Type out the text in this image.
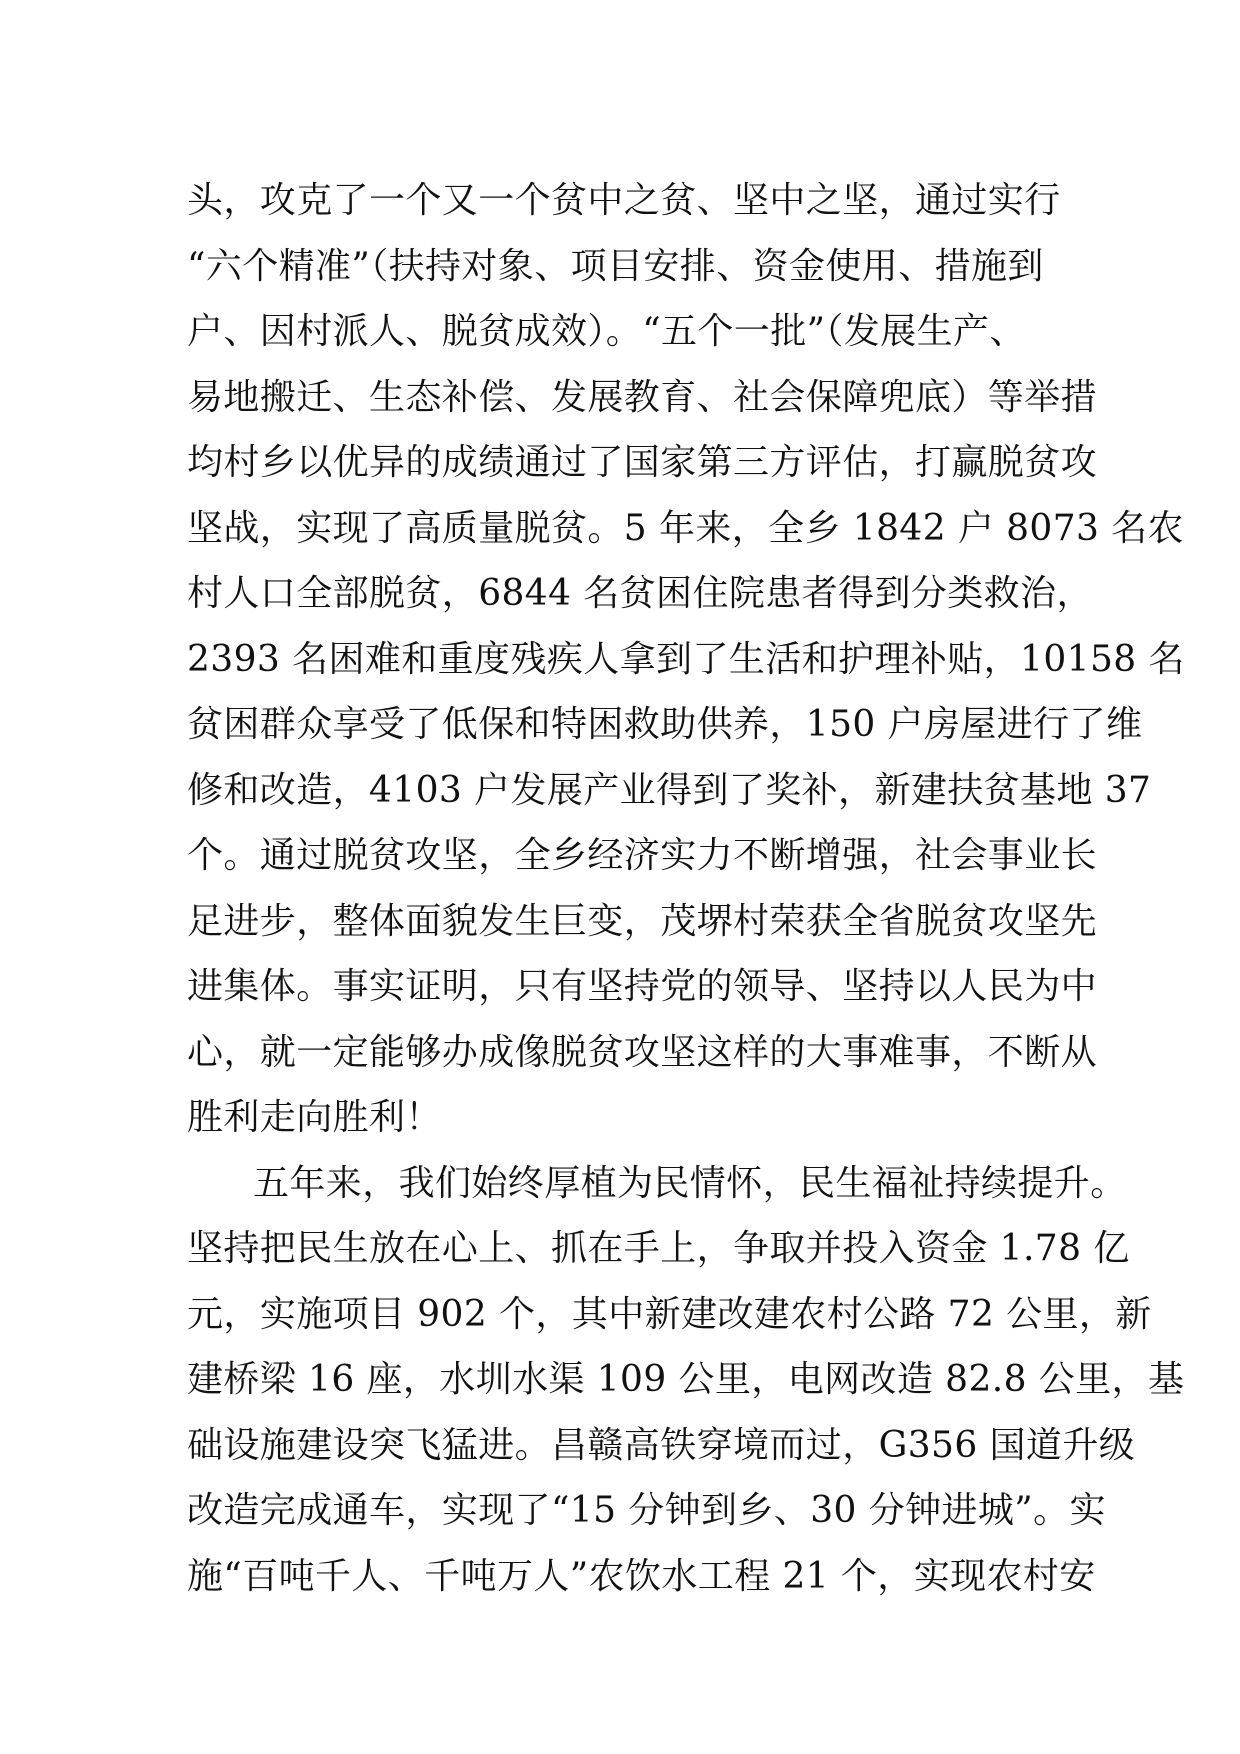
头，攻克了一个又一个贫中之贫、坚中之坚，通过实行
“六个精准”（扶持对象、项目安排、资金使用、措施到
户、因村派人、脱贫成效）。“五个一批”（发展生产、
易地搬迁、生态补偿、发展教育、社会保障兜底）等举措
均村乡以优异的成绩通过了国家第三方评估，打赢脱贫攻
坚战，实现了高质量脱贫。5 年来，全乡 1842 户 8073 名农
村人口全部脱贫，6844 名贫困住院患者得到分类救治，
2393 名困难和重度残疾人拿到了生活和护理补贴，10158 名
贫困群众享受了低保和特困救助供养，150 户房屋进行了维
修和改造，4103 户发展产业得到了奖补，新建扶贫基地 37
个。通过脱贫攻坚，全乡经济实力不断增强，社会事业长
足进步，整体面貌发生巨变，茂堺村荣获全省脱贫攻坚先
进集体。事实证明，只有坚持党的领导、坚持以人民为中
心，就一定能够办成像脱贫攻坚这样的大事难事，不断从
胜利走向胜利！
五年来，我们始终厚植为民情怀，民生福祉持续提升。
坚持把民生放在心上、抓在手上，争取并投入资金 1.78 亿
元，实施项目 902 个，其中新建改建农村公路 72 公里，新
建桥梁 16 座，水圳水渠 109 公里，电网改造 82.8 公里，基
础设施建设突飞猛进。昌赣高铁穿境而过，G356 国道升级
改造完成通车，实现了“15 分钟到乡、30 分钟进城”。实
施“百吨千人、千吨万人”农饮水工程 21 个，实现农村安
